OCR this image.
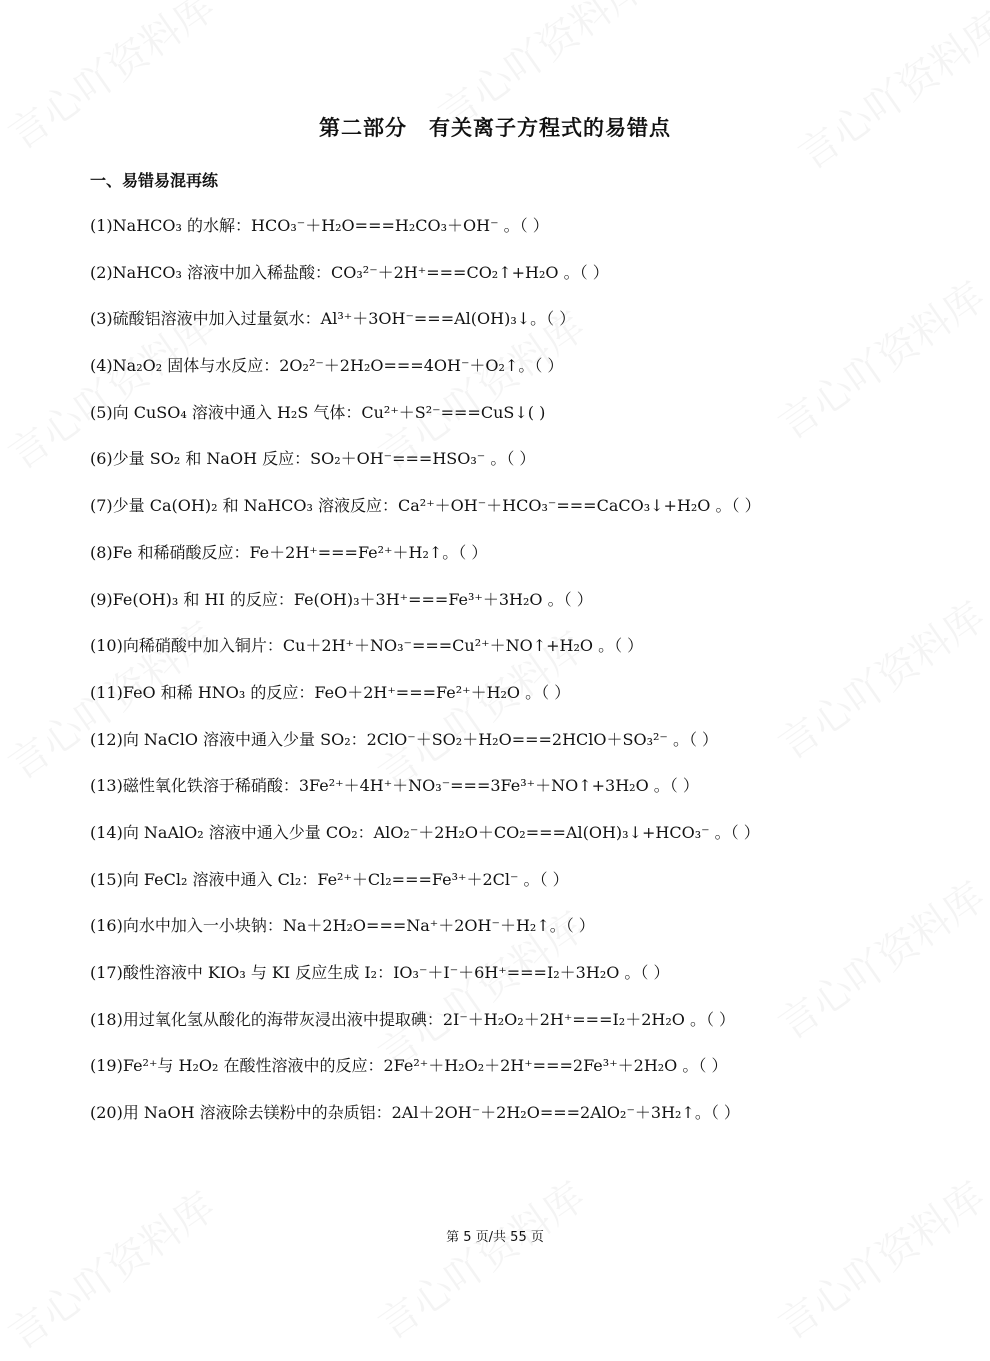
第二部分　有关离子方程式的易错点
一、易错易混再练
(1)NaHCO₃ 的水解：HCO₃⁻＋H₂O===H₂CO₃＋OH⁻ 。（ ）
(2)NaHCO₃ 溶液中加入稀盐酸：CO₃²⁻＋2H⁺===CO₂↑+H₂O 。（ ）
(3)硫酸铝溶液中加入过量氨水：Al³⁺＋3OH⁻===Al(OH)₃↓。（ ）
(4)Na₂O₂ 固体与水反应：2O₂²⁻＋2H₂O===4OH⁻＋O₂↑。（ ）
(5)向 CuSO₄ 溶液中通入 H₂S 气体：Cu²⁺＋S²⁻===CuS↓( )
(6)少量 SO₂ 和 NaOH 反应：SO₂＋OH⁻===HSO₃⁻ 。（ ）
(7)少量 Ca(OH)₂ 和 NaHCO₃ 溶液反应：Ca²⁺＋OH⁻＋HCO₃⁻===CaCO₃↓+H₂O 。（ ）
(8)Fe 和稀硝酸反应：Fe＋2H⁺===Fe²⁺＋H₂↑。（ ）
(9)Fe(OH)₃ 和 HI 的反应：Fe(OH)₃＋3H⁺===Fe³⁺＋3H₂O 。（ ）
(10)向稀硝酸中加入铜片：Cu＋2H⁺＋NO₃⁻===Cu²⁺＋NO↑+H₂O 。（ ）
(11)FeO 和稀 HNO₃ 的反应：FeO＋2H⁺===Fe²⁺＋H₂O 。（ ）
(12)向 NaClO 溶液中通入少量 SO₂：2ClO⁻＋SO₂＋H₂O===2HClO＋SO₃²⁻ 。（ ）
(13)磁性氧化铁溶于稀硝酸：3Fe²⁺＋4H⁺＋NO₃⁻===3Fe³⁺＋NO↑+3H₂O 。（ ）
(14)向 NaAlO₂ 溶液中通入少量 CO₂：AlO₂⁻＋2H₂O＋CO₂===Al(OH)₃↓+HCO₃⁻ 。（ ）
(15)向 FeCl₂ 溶液中通入 Cl₂：Fe²⁺＋Cl₂===Fe³⁺＋2Cl⁻ 。（ ）
(16)向水中加入一小块钠：Na＋2H₂O===Na⁺＋2OH⁻＋H₂↑。（ ）
(17)酸性溶液中 KIO₃ 与 KI 反应生成 I₂：IO₃⁻＋I⁻＋6H⁺===I₂＋3H₂O 。（ ）
(18)用过氧化氢从酸化的海带灰浸出液中提取碘：2I⁻＋H₂O₂＋2H⁺===I₂＋2H₂O 。（ ）
(19)Fe²⁺与 H₂O₂ 在酸性溶液中的反应：2Fe²⁺＋H₂O₂＋2H⁺===2Fe³⁺＋2H₂O 。（ ）
(20)用 NaOH 溶液除去镁粉中的杂质铝：2Al＋2OH⁻＋2H₂O===2AlO₂⁻＋3H₂↑。（ ）
第 5 页/共 55 页
